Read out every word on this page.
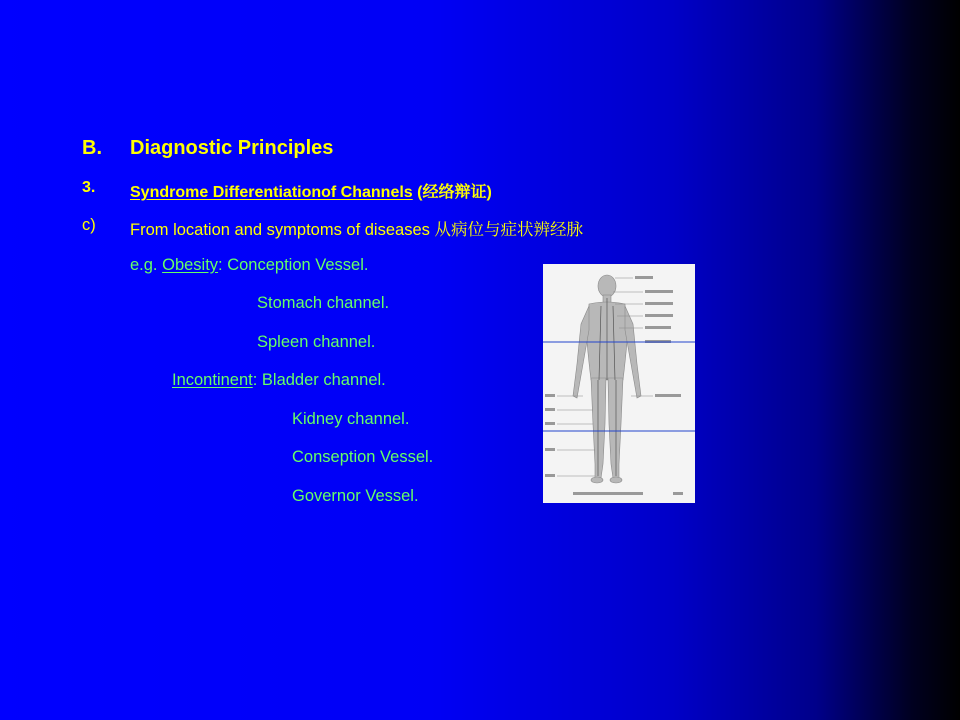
B. Diagnostic Principles
3. Syndrome Differentiationof Channels (经络辩证)
c) From location and symptoms of diseases 从病位与症状辨经脉
e.g. Obesity: Conception Vessel.
Stomach channel.
Spleen channel.
Incontinent: Bladder channel.
Kidney channel.
Conseption Vessel.
Governor Vessel.
